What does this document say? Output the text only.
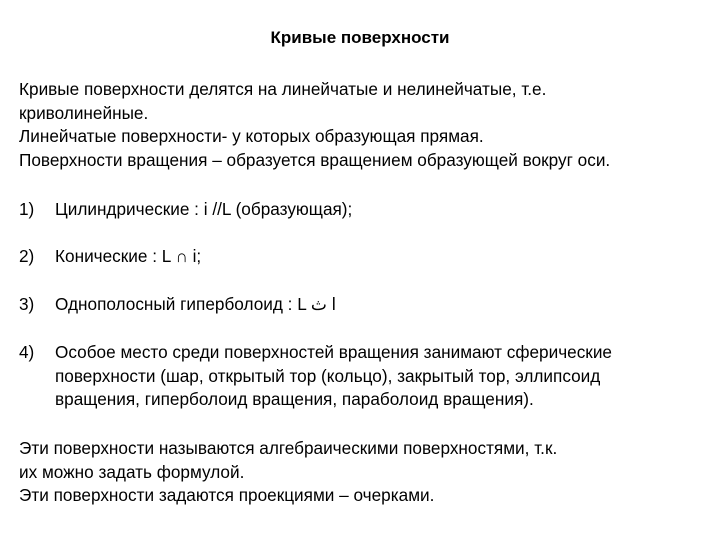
Кривые поверхности

Кривые поверхности делятся на линейчатые и нелинейчатые, т.е.

криволинейные.

Линейчатые поверхности- у которых образующая прямая.

Поверхности вращения – образуется вращением образующей вокруг оси.

1) Цилиндрические : i //L (образующая);
2) Конические : L ∩ i;
3) Однополосный гиперболоид : L ث l
4) Особое место среди поверхностей вращения занимают сферические
поверхности (шар, открытый тор (кольцо), закрытый тор, эллипсоид
вращения, гиперболоид вращения, параболоид вращения).

Эти поверхности называются алгебраическими поверхностями, т.к.

их можно задать формулой.

Эти поверхности задаются проекциями – очерками.
